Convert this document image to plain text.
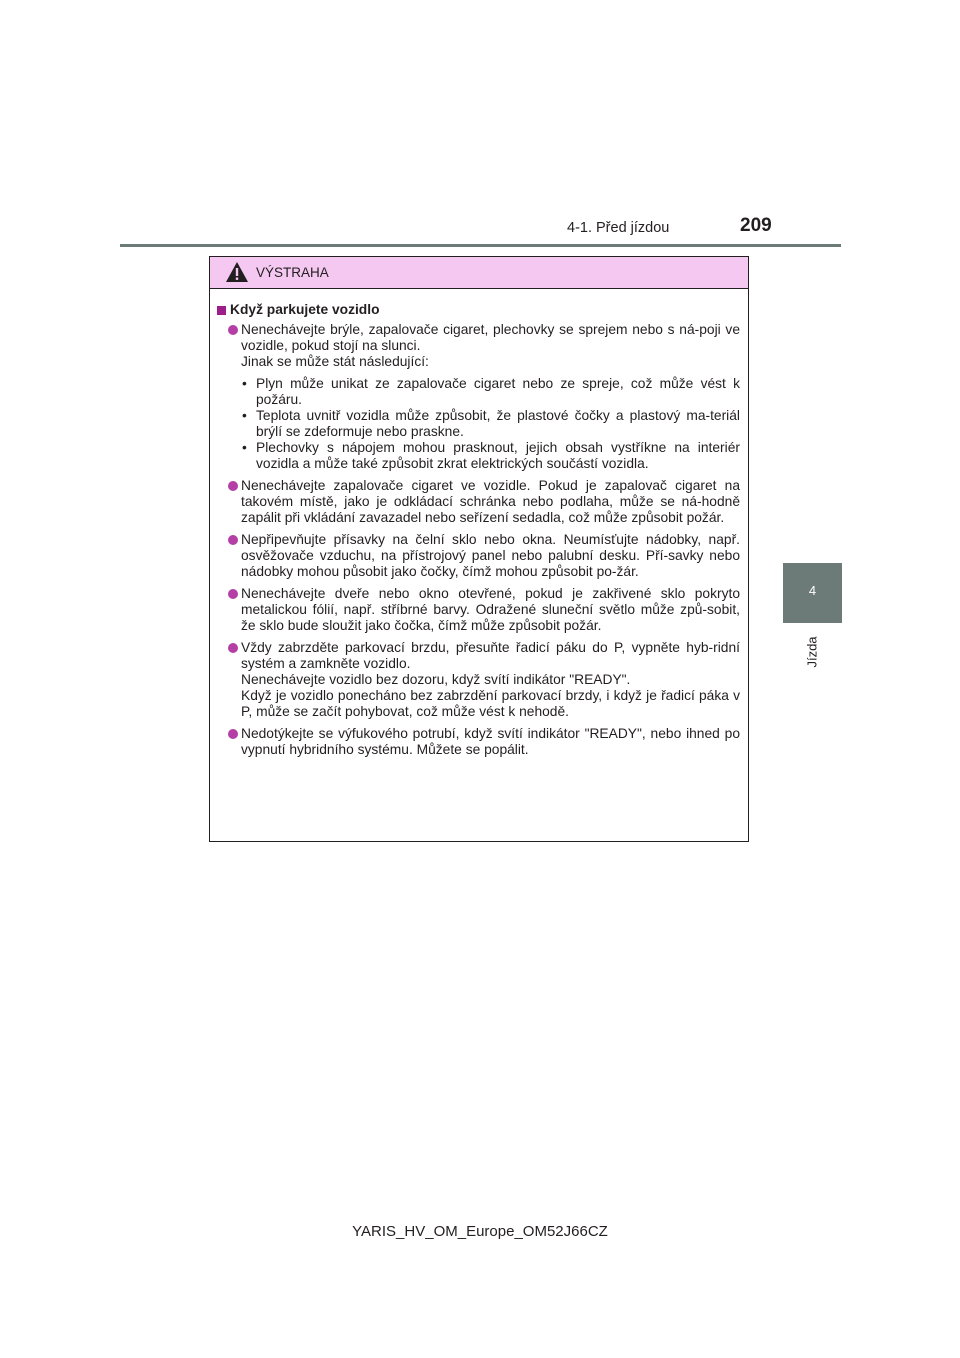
4-1. Před jízdou	209
4
Jízda
VÝSTRAHA
Když parkujete vozidlo

Nenechávejte brýle, zapalovače cigaret, plechovky se sprejem nebo s ná-poji ve vozidle, pokud stojí na slunci.

Jinak se může stát následující:

• Plyn může unikat ze zapalovače cigaret nebo ze spreje, což může vést k požáru.
• Teplota uvnitř vozidla může způsobit, že plastové čočky a plastový ma-teriál brýlí se zdeformuje nebo praskne.
• Plechovky s nápojem mohou prasknout, jejich obsah vystříkne na interiér vozidla a může také způsobit zkrat elektrických součástí vozidla.

Nenechávejte zapalovače cigaret ve vozidle. Pokud je zapalovač cigaret na takovém místě, jako je odkládací schránka nebo podlaha, může se ná-hodně zapálit při vkládání zavazadel nebo seřízení sedadla, což může způsobit požár.

Nepřipevňujte přísavky na čelní sklo nebo okna. Neumísťujte nádobky, např. osvěžovače vzduchu, na přístrojový panel nebo palubní desku. Pří-savky nebo nádobky mohou působit jako čočky, čímž mohou způsobit po-žár.

Nenechávejte dveře nebo okno otevřené, pokud je zakřivené sklo pokryto metalickou fólií, např. stříbrné barvy. Odražené sluneční světlo může způ-sobit, že sklo bude sloužit jako čočka, čímž může způsobit požár.

Vždy zabrzděte parkovací brzdu, přesuňte řadicí páku do P, vypněte hyb-ridní systém a zamkněte vozidlo.

Nenechávejte vozidlo bez dozoru, když svítí indikátor "READY".

Když je vozidlo ponecháno bez zabrzdění parkovací brzdy, i když je řadicí páka v P, může se začít pohybovat, což může vést k nehodě.

Nedotýkejte se výfukového potrubí, když svítí indikátor "READY", nebo ihned po vypnutí hybridního systému. Můžete se popálit.

YARIS_HV_OM_Europe_OM52J66CZ
